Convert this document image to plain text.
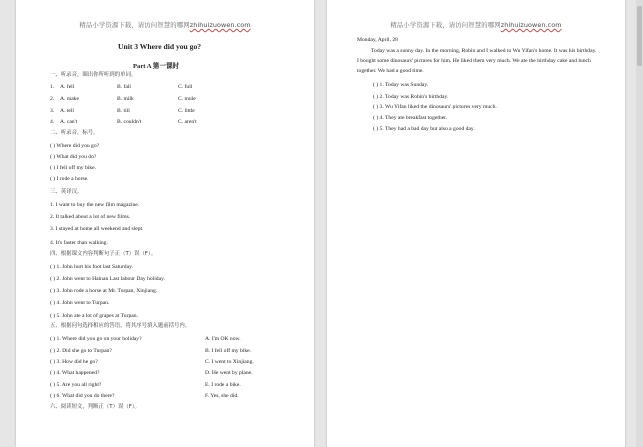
精品小学资源下载，请访问智慧的哪网zhihuizuowen.com
Unit 3 Where did you go?
Part A 第一课时
一、听录音，圈出你所听到的单词。
1. A. fell	B. fall	C. full
2. A. make	B. milk	C. mule
3. A. tell	B. till	C. little
4. A. can't	B. couldn't	C. aren't
二、听录音，标号。
( ) Where did you go?
( ) What did you do?
( ) I fell off my bike.
( ) I rode a horse.
三、英译汉。
1. I want to buy the new film magazine.
2. It talked about a lot of new films.
3. I stayed at home all weekend and slept.
4. It's faster than walking.
四、根据课文内容判断句子正（T）误（F）。
( ) 1. John hurt his foot last Saturday.
( ) 2. John went to Hainan Last labour Day holiday.
( ) 3. John rode a horse at Mr. Turpan, Xinjiang.
( ) 4. John went to Turpan.
( ) 5. John ate a lot of grapes at Turpan.
五、根据问句选择相应的答语，将其序号填入题前括号内。
( ) 1. Where did you go on your holiday?	A. I'm OK now.
( ) 2. Did she go to Turpan?	B. I fell off my bike.
( ) 3. How did he go?	C. I went to Xinjiang.
( ) 4. What happened?	D. He went by plane.
( ) 5. Are you all right?	E. I rode a bike.
( ) 6. What did you do there?	F. Yes, she did.
六、阅读短文，判断正（T）误（F）。
精品小学资源下载，请访问智慧的哪网zhihuizuowen.com
Monday, April, 28
Today was a sunny day. In the morning, Robin and I walked to Wu Yifan's home. It was his birthday. I bought some dinosaurs' pictures for him. He liked them very much. We ate the birthday cake and lunch together. We had a good time.
( ) 1. Today was Sunday.
( ) 2. Today was Robin's birthday.
( ) 3. Wu Yifan liked the dinosaurs' pictures very much.
( ) 4. They ate breakfast together.
( ) 5. They had a bad day but also a good day.
